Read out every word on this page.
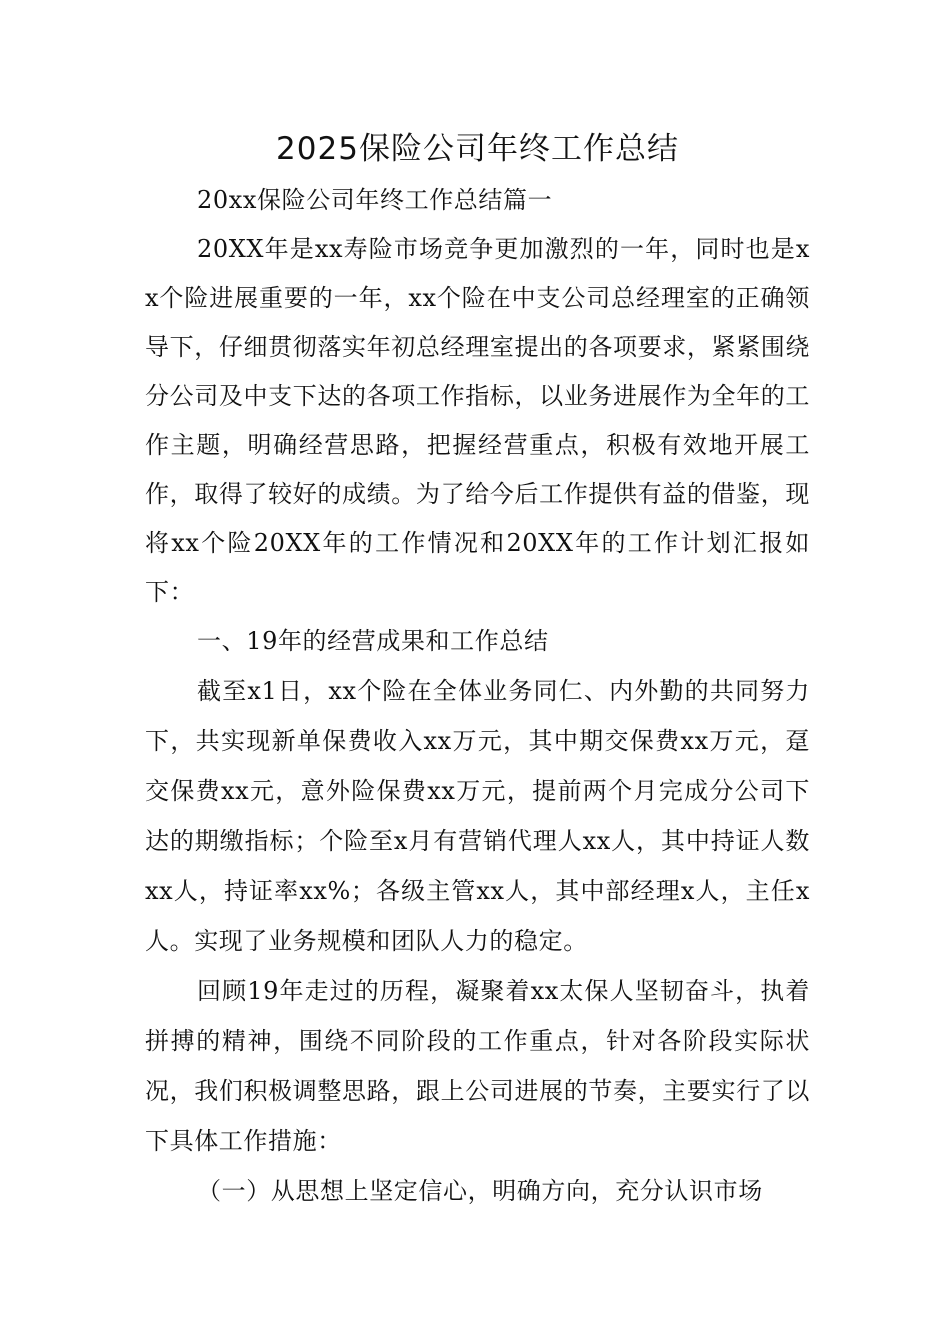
2025保险公司年终工作总结

20xx保险公司年终工作总结篇一

20XX年是xx寿险市场竞争更加激烈的一年，同时也是xx个险进展重要的一年，xx个险在中支公司总经理室的正确领导下，仔细贯彻落实年初总经理室提出的各项要求，紧紧围绕分公司及中支下达的各项工作指标，以业务进展作为全年的工作主题，明确经营思路，把握经营重点，积极有效地开展工作，取得了较好的成绩。为了给今后工作提供有益的借鉴，现将xx个险20XX年的工作情况和20XX年的工作计划汇报如下：

一、19年的经营成果和工作总结

截至x1日，xx个险在全体业务同仁、内外勤的共同努力下，共实现新单保费收入xx万元，其中期交保费xx万元，趸交保费xx元，意外险保费xx万元，提前两个月完成分公司下达的期缴指标；个险至x月有营销代理人xx人，其中持证人数xx人，持证率xx%；各级主管xx人，其中部经理x人，主任x人。实现了业务规模和团队人力的稳定。

回顾19年走过的历程，凝聚着xx太保人坚韧奋斗，执着拼搏的精神，围绕不同阶段的工作重点，针对各阶段实际状况，我们积极调整思路，跟上公司进展的节奏，主要实行了以下具体工作措施：

（一）从思想上坚定信心，明确方向，充分认识市场
